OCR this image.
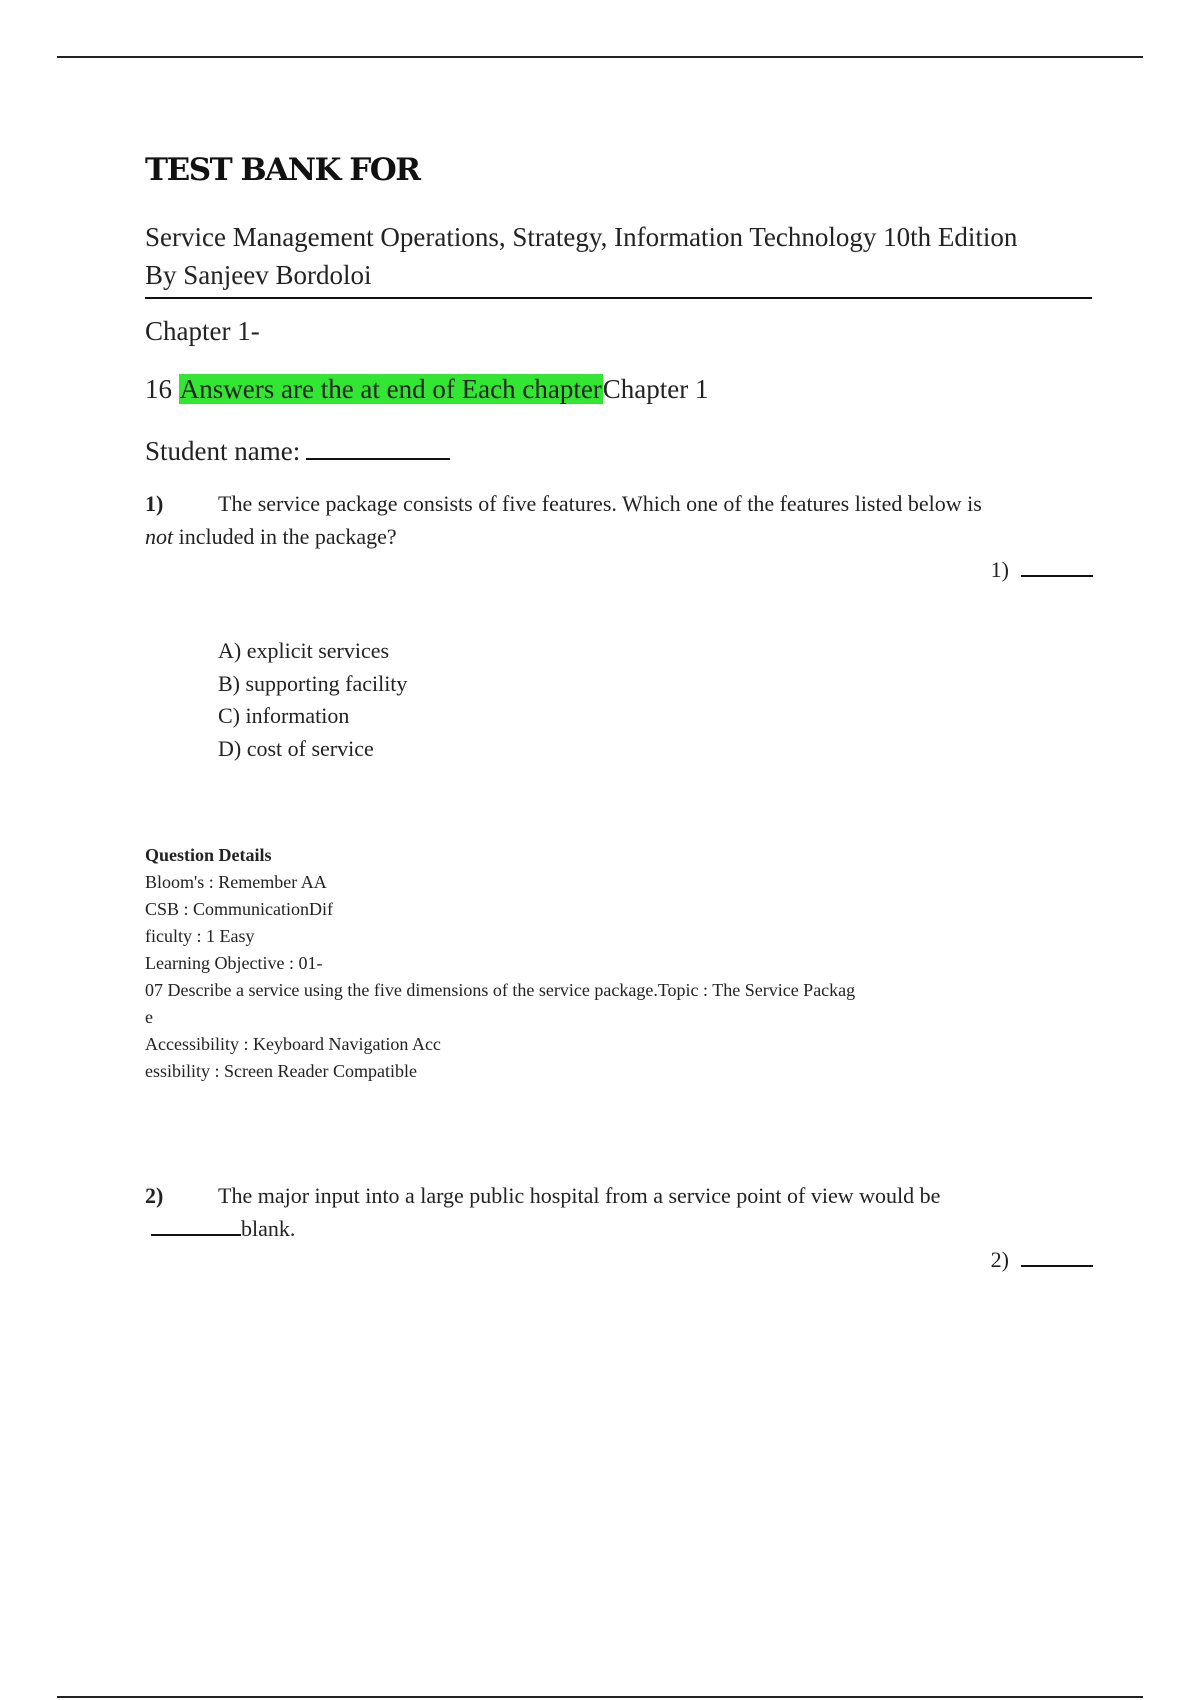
TEST BANK FOR
Service Management Operations, Strategy, Information Technology 10th Edition
By Sanjeev Bordoloi
Chapter 1-
16 Answers are the at end of Each chapterChapter 1
Student name:
1) The service package consists of five features. Which one of the features listed below is
not included in the package?
1)
A) explicit services
B) supporting facility
C) information
D) cost of service
Question Details
Bloom's : Remember AA
CSB : CommunicationDif
ficulty : 1 Easy
Learning Objective : 01-
07 Describe a service using the five dimensions of the service package.Topic : The Service Packag
e
Accessibility : Keyboard Navigation Acc
essibility : Screen Reader Compatible
2) The major input into a large public hospital from a service point of view would be
blank.
2)
